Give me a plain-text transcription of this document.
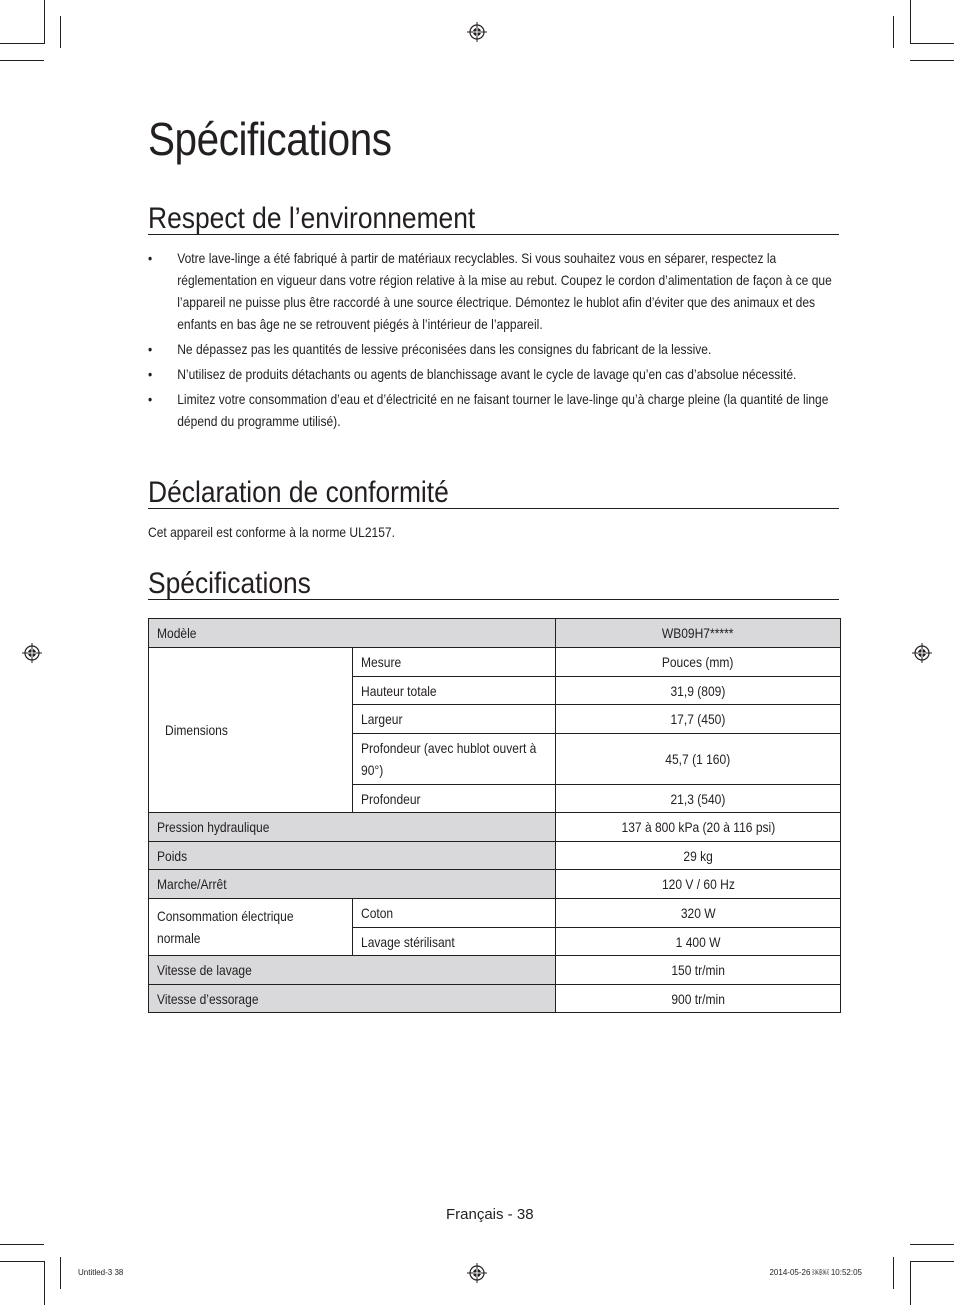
Spécifications
Respect de l’environnement
• Votre lave-linge a été fabriqué à partir de matériaux recyclables. Si vous souhaitez vous en séparer, respectez la réglementation en vigueur dans votre région relative à la mise au rebut. Coupez le cordon d’alimentation de façon à ce que l’appareil ne puisse plus être raccordé à une source électrique. Démontez le hublot afin d’éviter que des animaux et des enfants en bas âge ne se retrouvent piégés à l’intérieur de l’appareil.
• Ne dépassez pas les quantités de lessive préconisées dans les consignes du fabricant de la lessive.
• N’utilisez de produits détachants ou agents de blanchissage avant le cycle de lavage qu’en cas d’absolue nécessité.
• Limitez votre consommation d’eau et d’électricité en ne faisant tourner le lave-linge qu’à charge pleine (la quantité de linge dépend du programme utilisé).
Déclaration de conformité
Cet appareil est conforme à la norme UL2157.
Spécifications
Modèle		WB09H7*****
Dimensions	Mesure	Pouces (mm)
	Hauteur totale	31,9 (809)
	Largeur	17,7 (450)
	Profondeur (avec hublot ouvert à 90°)	45,7 (1 160)
	Profondeur	21,3 (540)
Pression hydraulique		137 à 800 kPa (20 à 116 psi)
Poids		29 kg
Marche/Arrêt		120 V / 60 Hz
Consommation électrique normale	Coton	320 W
	Lavage stérilisant	1 400 W
Vitesse de lavage		150 tr/min
Vitesse d’essorage		900 tr/min
Français - 38
Untitled-3 38	2014-05-26 ￼￼ 10:52:05
